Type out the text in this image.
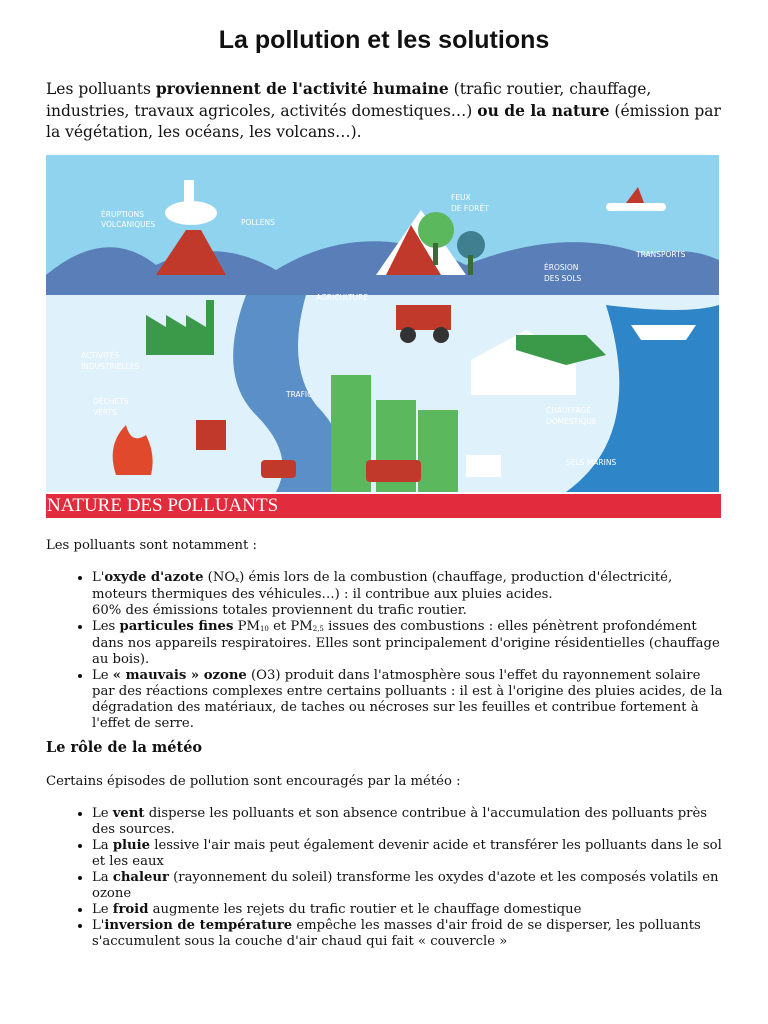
La pollution et les solutions

Les polluants proviennent de l'activité humaine (trafic routier, chauffage, industries, travaux agricoles, activités domestiques…) ou de la nature (émission par la végétation, les océans, les volcans…).

ÉRUPTIONS
VOLCANIQUES	POLLENS
FEUX
DE FORÊT
TRANSPORTS
ÉROSION
DES SOLS
AGRICULTURE
ACTIVITÉS
INDUSTRIELLES
DÉCHETS
VERTS
TRAFIC
CHAUFFAGE
DOMESTIQUE
SELS MARINS
NATURE DES POLLUANTS
Les polluants sont notamment :
• L'oxyde d'azote $(NO_x)$ émis lors de la combustion (chauffage, production d'électricité, moteurs thermiques des véhicules…) : il contribue aux pluies acides.
60% des émissions totales proviennent du trafic routier.
• Les particules fines $PM_{10}$ et $PM_{2,5}$ issues des combustions : elles pénètrent profondément dans nos appareils respiratoires. Elles sont principalement d'origine résidentielles (chauffage au bois).
• Le « mauvais » ozone (O3) produit dans l'atmosphère sous l'effet du rayonnement solaire par des réactions complexes entre certains polluants : il est à l'origine des pluies acides, de la dégradation des matériaux, de taches ou nécroses sur les feuilles et contribue fortement à l'effet de serre.
Le rôle de la météo
Certains épisodes de pollution sont encouragés par la météo :
• Le vent disperse les polluants et son absence contribue à l'accumulation des polluants près des sources.
• La pluie lessive l'air mais peut également devenir acide et transférer les polluants dans le sol et les eaux
• La chaleur (rayonnement du soleil) transforme les oxydes d'azote et les composés volatils en ozone
• Le froid augmente les rejets du trafic routier et le chauffage domestique
• L'inversion de température empêche les masses d'air froid de se disperser, les polluants s'accumulent sous la couche d'air chaud qui fait « couvercle »
